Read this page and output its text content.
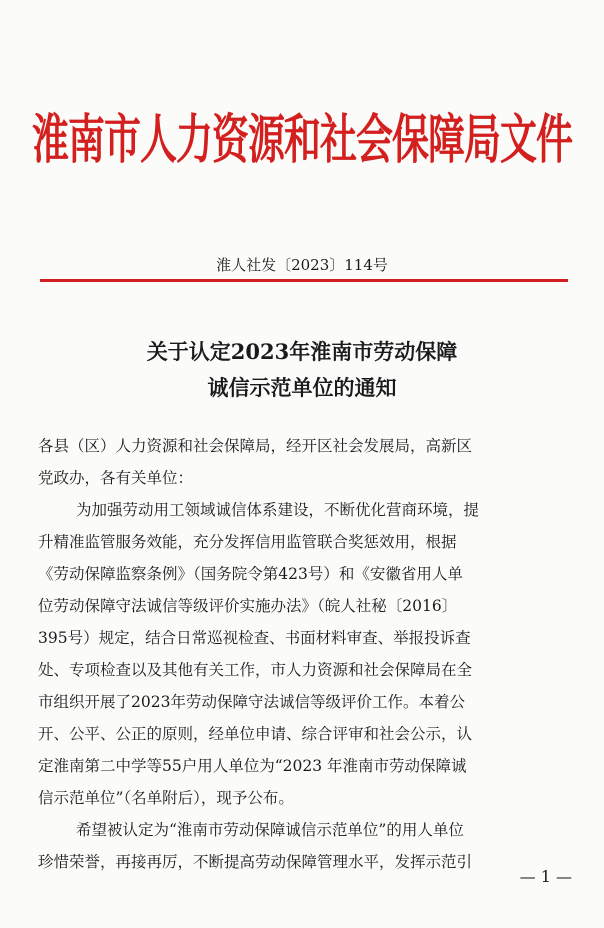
淮南市人力资源和社会保障局文件
淮人社发〔2023〕114号
关于认定2023年淮南市劳动保障
诚信示范单位的通知
各县（区）人力资源和社会保障局，经开区社会发展局，高新区
党政办，各有关单位：
为加强劳动用工领域诚信体系建设，不断优化营商环境，提
升精准监管服务效能，充分发挥信用监管联合奖惩效用，根据
《劳动保障监察条例》（国务院令第423号）和《安徽省用人单
位劳动保障守法诚信等级评价实施办法》（皖人社秘〔2016〕
395号）规定，结合日常巡视检查、书面材料审查、举报投诉查
处、专项检查以及其他有关工作，市人力资源和社会保障局在全
市组织开展了2023年劳动保障守法诚信等级评价工作。本着公
开、公平、公正的原则，经单位申请、综合评审和社会公示，认
定淮南第二中学等55户用人单位为“2023 年淮南市劳动保障诚
信示范单位”（名单附后），现予公布。
希望被认定为“淮南市劳动保障诚信示范单位”的用人单位
珍惜荣誉，再接再厉，不断提高劳动保障管理水平，发挥示范引
— 1 —
